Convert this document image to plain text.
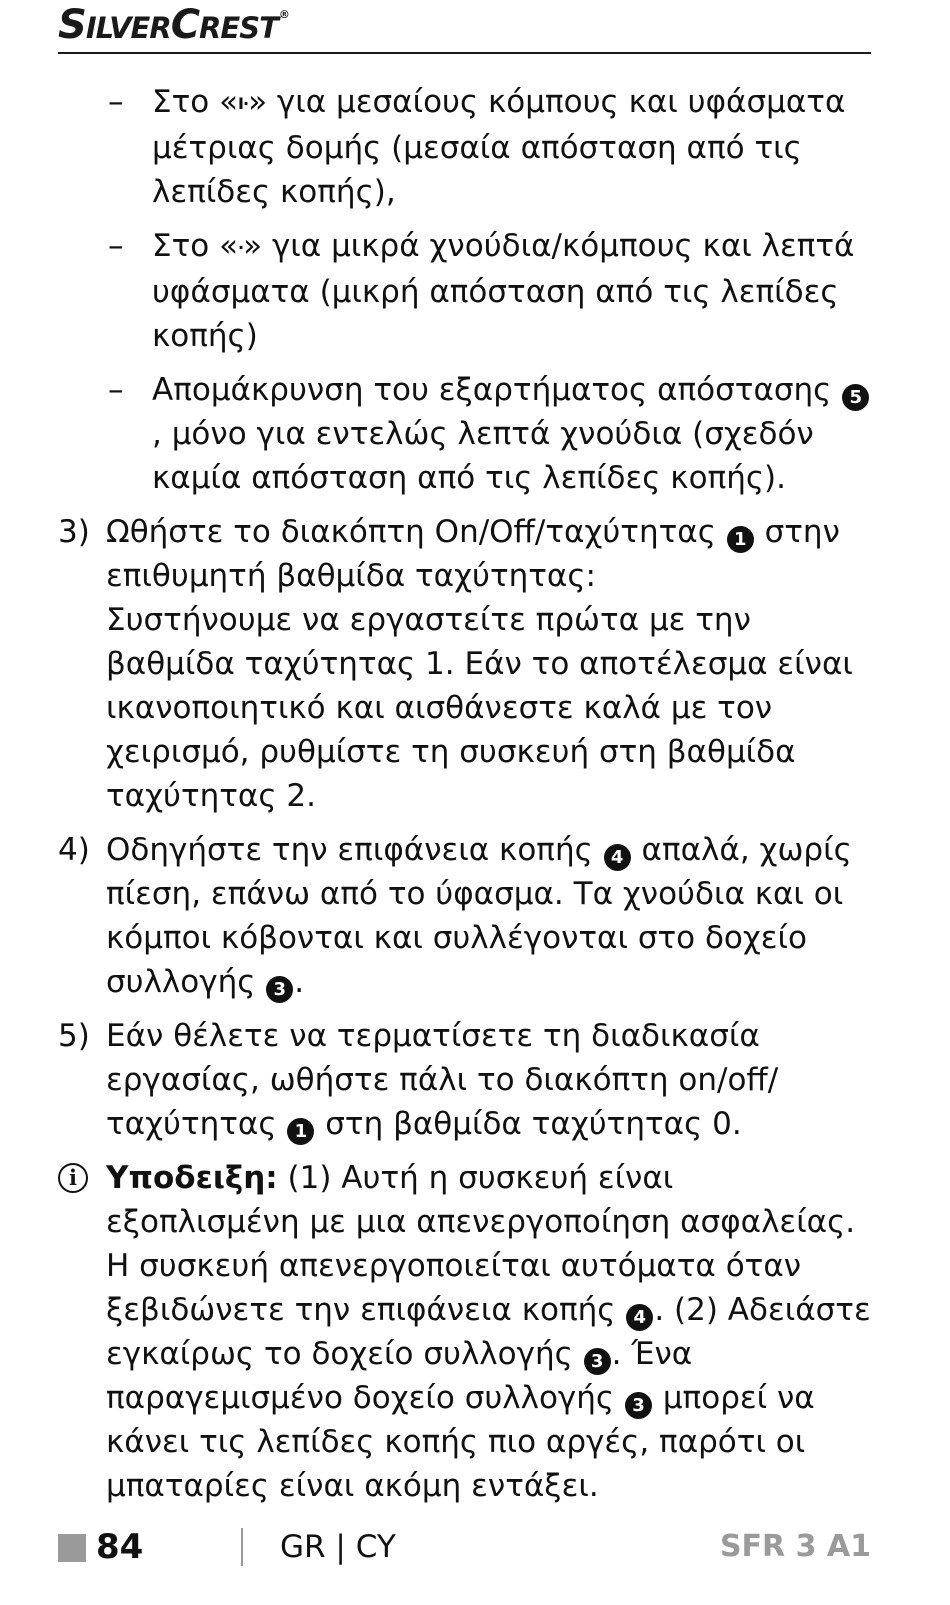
SILVERCREST®
– Στο «I·» για μεσαίους κόμπους και υφάσματα μέτριας δομής (μεσαία απόσταση από τις λεπίδες κοπής),
– Στο «·» για μικρά χνούδια/κόμπους και λεπτά υφάσματα (μικρή απόσταση από τις λεπίδες κοπής)
– Απομάκρυνση του εξαρτήματος απόστασης 5, μόνο για εντελώς λεπτά χνούδια (σχεδόν καμία απόσταση από τις λεπίδες κοπής).
3) Ωθήστε το διακόπτη On/Off/ταχύτητας 1 στην επιθυμητή βαθμίδα ταχύτητας:
Συστήνουμε να εργαστείτε πρώτα με την βαθμίδα ταχύτητας 1. Εάν το αποτέλεσμα είναι ικανοποιητικό και αισθάνεστε καλά με τον χειρισμό, ρυθμίστε τη συσκευή στη βαθμίδα ταχύτητας 2.
4) Οδηγήστε την επιφάνεια κοπής 4 απαλά, χωρίς πίεση, επάνω από το ύφασμα. Τα χνούδια και οι κόμποι κόβονται και συλλέγονται στο δοχείο συλλογής 3 .
5) Εάν θέλετε να τερματίσετε τη διαδικασία εργασίας, ωθήστε πάλι το διακόπτη on/off/ταχύτητας 1 στη βαθμίδα ταχύτητας 0.
i Υποδειξη: (1) Αυτή η συσκευή είναι εξοπλισμένη με μια απενεργοποίηση ασφαλείας. Η συσκευή απενεργοποιείται αυτόματα όταν ξεβιδώνετε την επιφάνεια κοπής 4 . (2) Αδειάστε εγκαίρως το δοχείο συλλογής 3 . Ένα παραγεμισμένο δοχείο συλλογής 3 μπορεί να κάνει τις λεπίδες κοπής πιο αργές, παρότι οι μπαταρίες είναι ακόμη εντάξει.
84	GR | CY	SFR 3 A1
